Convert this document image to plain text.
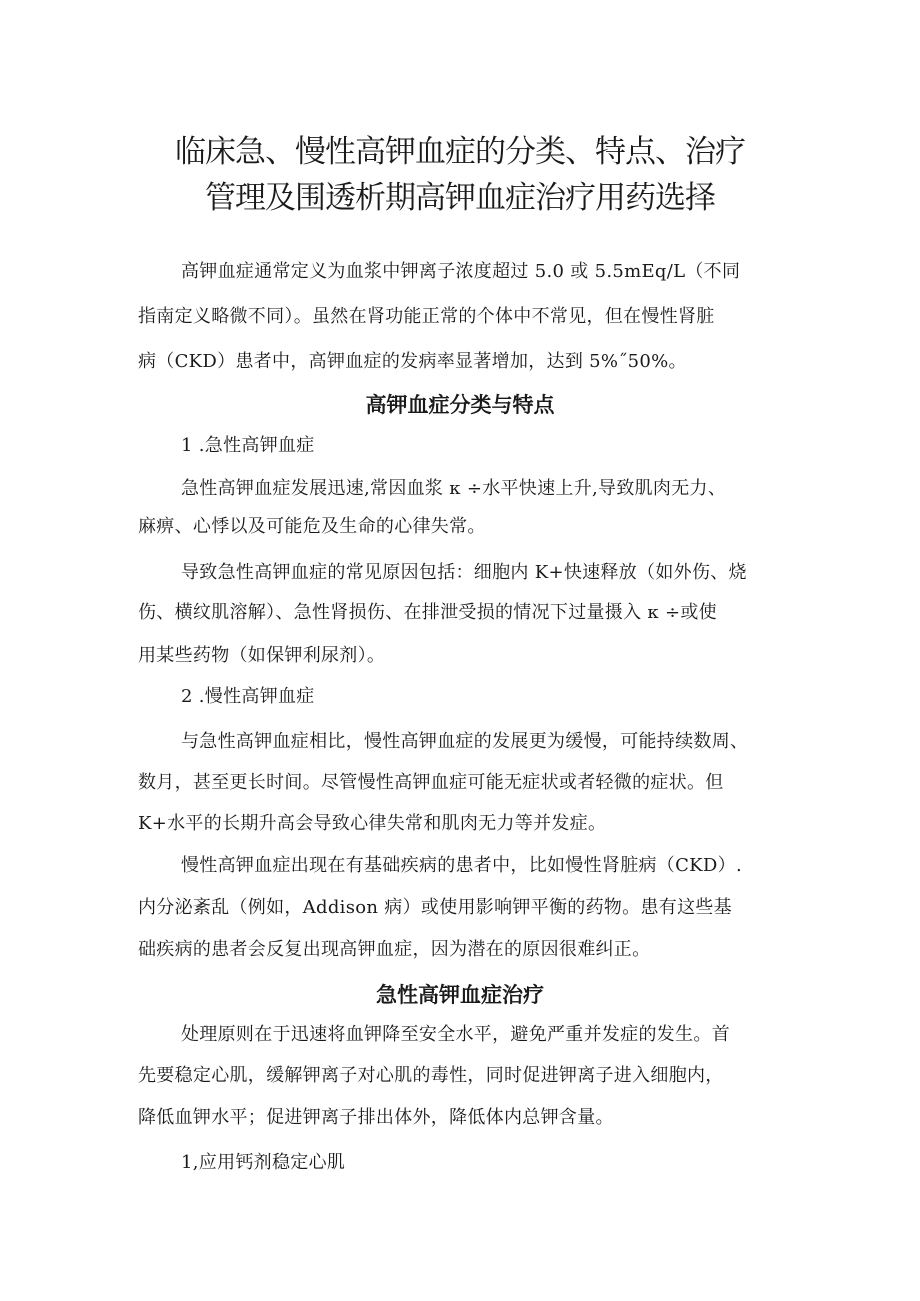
临床急、慢性高钾血症的分类、特点、治疗
管理及围透析期高钾血症治疗用药选择
高钾血症通常定义为血浆中钾离子浓度超过 5.0 或 5.5mEq/L（不同
指南定义略微不同）。虽然在肾功能正常的个体中不常见，但在慢性肾脏
病（CKD）患者中，高钾血症的发病率显著增加，达到 5%˝50%。
高钾血症分类与特点
1 .急性高钾血症
急性高钾血症发展迅速,常因血浆 κ ÷水平快速上升,导致肌肉无力、
麻痹、心悸以及可能危及生命的心律失常。
导致急性高钾血症的常见原因包括：细胞内 K+快速释放（如外伤、烧
伤、横纹肌溶解）、急性肾损伤、在排泄受损的情况下过量摄入 κ ÷或使
用某些药物（如保钾利尿剂）。
2 .慢性高钾血症
与急性高钾血症相比，慢性高钾血症的发展更为缓慢，可能持续数周、
数月，甚至更长时间。尽管慢性高钾血症可能无症状或者轻微的症状。但
K+水平的长期升高会导致心律失常和肌肉无力等并发症。
慢性高钾血症出现在有基础疾病的患者中，比如慢性肾脏病（CKD）.
内分泌紊乱（例如，Addison 病）或使用影响钾平衡的药物。患有这些基
础疾病的患者会反复出现高钾血症，因为潜在的原因很难纠正。
急性高钾血症治疗
处理原则在于迅速将血钾降至安全水平，避免严重并发症的发生。首
先要稳定心肌，缓解钾离子对心肌的毒性，同时促进钾离子进入细胞内，
降低血钾水平；促进钾离子排出体外，降低体内总钾含量。
1,应用钙剂稳定心肌
